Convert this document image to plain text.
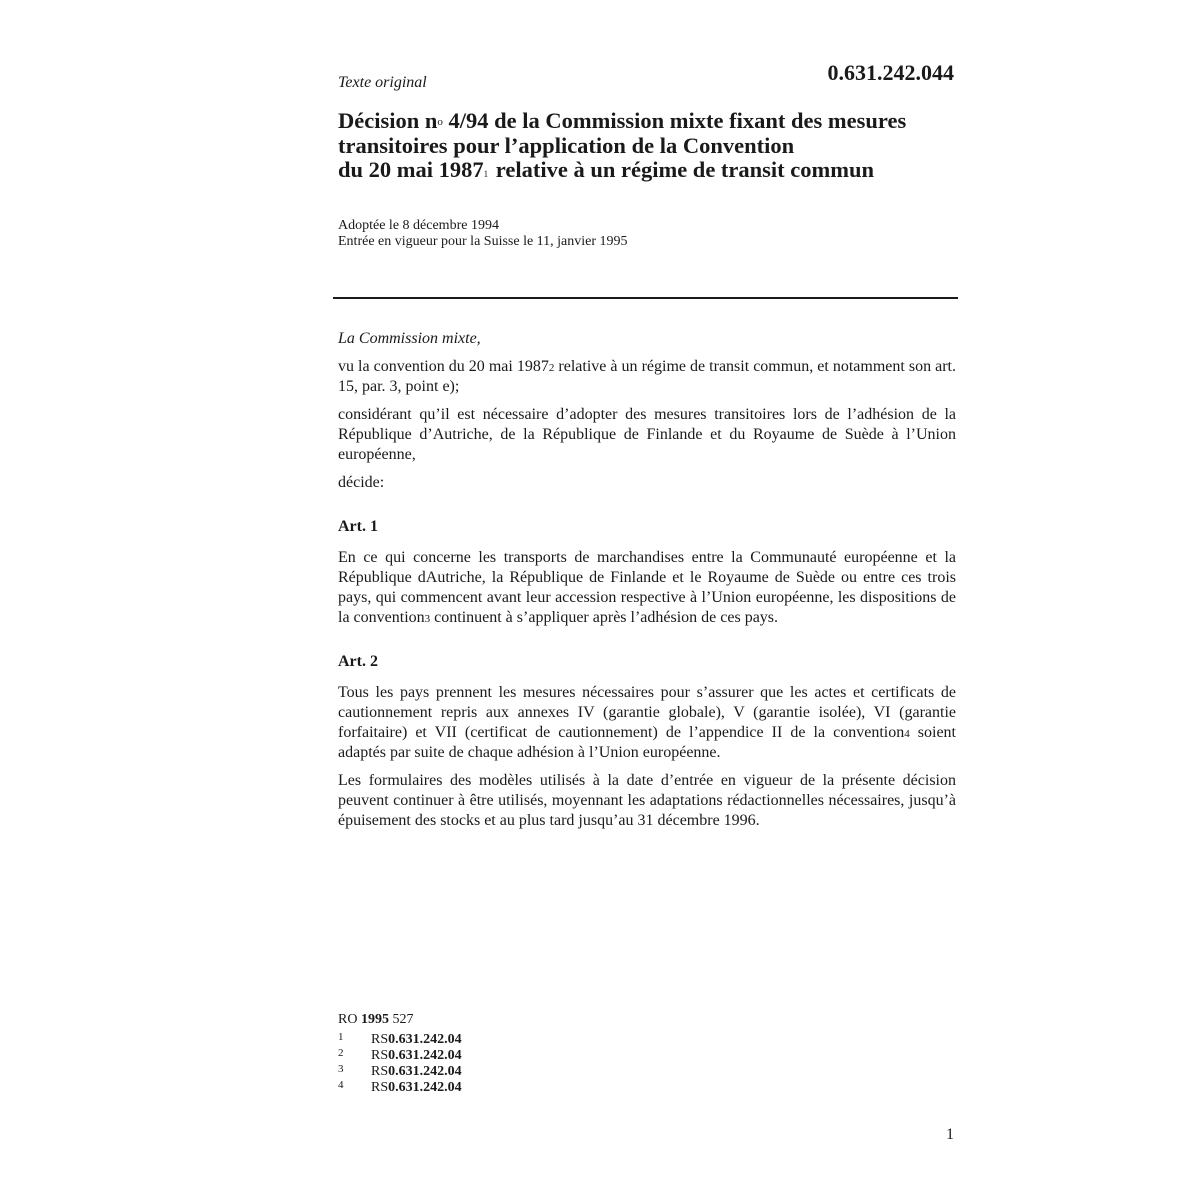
Texte original	0.631.242.044
Décision n$^o$ 4/94 de la Commission mixte fixant des mesures
transitoires pour l’application de la Convention
du 20 mai 1987$^1$ relative à un régime de transit commun
Adoptée le 8 décembre 1994
Entrée en vigueur pour la Suisse le 11, janvier 1995

La Commission mixte,

vu la convention du 20 mai 1987$^2$ relative à un régime de transit commun, et notamment son art. 15, par. 3, point e);

considérant qu’il est nécessaire d’adopter des mesures transitoires lors de l’adhésion de la République d’Autriche, de la République de Finlande et du Royaume de Suède à l’Union européenne,

décide:

Art. 1

En ce qui concerne les transports de marchandises entre la Communauté européenne et la République dAutriche, la République de Finlande et le Royaume de Suède ou entre ces trois pays, qui commencent avant leur accession respective à l’Union européenne, les dispositions de la convention$^3$ continuent à s’appliquer après l’adhésion de ces pays.

Art. 2

Tous les pays prennent les mesures nécessaires pour s’assurer que les actes et certificats de cautionnement repris aux annexes IV (garantie globale), V (garantie isolée), VI (garantie forfaitaire) et VII (certificat de cautionnement) de l’appendice II de la convention$^4$ soient adaptés par suite de chaque adhésion à l’Union européenne.

Les formulaires des modèles utilisés à la date d’entrée en vigueur de la présente décision peuvent continuer à être utilisés, moyennant les adaptations rédactionnelles nécessaires, jusqu’à épuisement des stocks et au plus tard jusqu’au 31 décembre 1996.

RO 1995 527
1	RS 0.631.242.04
2	RS 0.631.242.04
3	RS 0.631.242.04
4	RS 0.631.242.04
1
